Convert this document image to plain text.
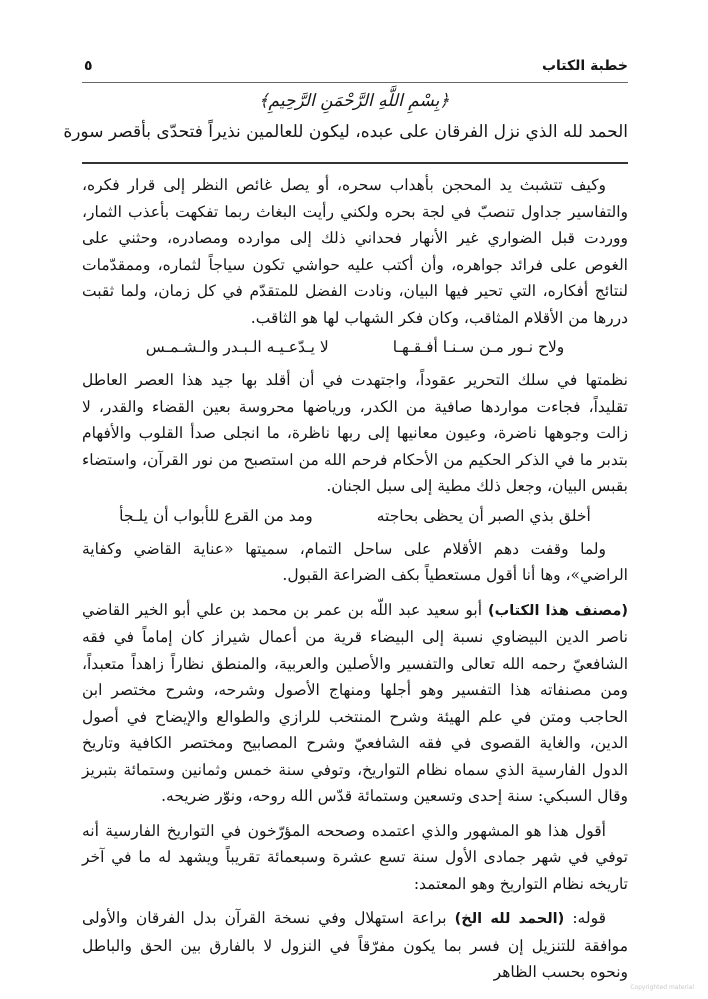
خطبة الكتاب
٥
﴿بِسْمِ اللَّهِ الرَّحْمَنِ الرَّحِيمِ﴾
الحمد لله الذي نزل الفرقان على عبده، ليكون للعالمين نذيراً فتحدّى بأقصر سورة

وكيف تتشبث يد المحجن بأهداب سحره، أو يصل غائص النظر إلى قرار فكره، والتفاسير جداول تنصبّ في لجة بحره ولكني رأيت البغاث ربما تفكهت بأعذب الثمار، ووردت قبل الضواري غير الأنهار فحداني ذلك إلى موارده ومصادره، وحثني على الغوص على فرائد جواهره، وأن أكتب عليه حواشي تكون سياجاً لثماره، وممقدّمات لنتائج أفكاره، التي تحير فيها البيان، ونادت الفضل للمتقدّم في كل زمان، ولما ثقبت دررها من الأقلام المثاقب، وكان فكر الشهاب لها هو الثاقب.

ولاح نـور مـن سـنـا أفـقـهـا
لا يـدّعـيـه الـبـدر والـشـمـس

نظمتها في سلك التحرير عقوداً، واجتهدت في أن أقلد بها جيد هذا العصر العاطل تقليداً، فجاءت مواردها صافية من الكدر، ورياضها محروسة بعين القضاء والقدر، لا زالت وجوهها ناضرة، وعيون معانيها إلى ربها ناظرة، ما انجلى صدأ القلوب والأفهام بتدبر ما في الذكر الحكيم من الأحكام فرحم الله من استصبح من نور القرآن، واستضاء بقبس البيان، وجعل ذلك مطية إلى سبل الجنان.

أخلق بذي الصبر أن يحظى بحاجته
ومد من القرع للأبواب أن يلـجأ

ولما وقفت دهم الأقلام على ساحل التمام، سميتها «عناية القاضي وكفاية الراضي»، وها أنا أقول مستعطياً بكف الضراعة القبول.

(مصنف هذا الكتاب) أبو سعيد عبد اللّه بن عمر بن محمد بن علي أبو الخير القاضي ناصر الدين البيضاوي نسبة إلى البيضاء قرية من أعمال شيراز كان إماماً في فقه الشافعيّ رحمه الله تعالى والتفسير والأصلين والعربية، والمنطق نظاراً زاهداً متعبداً، ومن مصنفاته هذا التفسير وهو أجلها ومنهاج الأصول وشرحه، وشرح مختصر ابن الحاجب ومتن في علم الهيئة وشرح المنتخب للرازي والطوالع والإيضاح في أصول الدين، والغاية القصوى في فقه الشافعيّ وشرح المصابيح ومختصر الكافية وتاريخ الدول الفارسية الذي سماه نظام التواريخ، وتوفي سنة خمس وثمانين وستمائة بتبريز وقال السبكي: سنة إحدى وتسعين وستمائة قدّس الله روحه، ونوّر ضريحه.

أقول هذا هو المشهور والذي اعتمده وصححه المؤرّخون في التواريخ الفارسية أنه توفي في شهر جمادى الأول سنة تسع عشرة وسبعمائة تقريباً ويشهد له ما في آخر تاريخه نظام التواريخ وهو المعتمد:

قوله: (الحمد لله الخ) براعة استهلال وفي نسخة القرآن بدل الفرقان والأولى موافقة للتنزيل إن فسر بما يكون مفرّقاً في النزول لا بالفارق بين الحق والباطل ونحوه بحسب الظاهر

Copyrighted material
